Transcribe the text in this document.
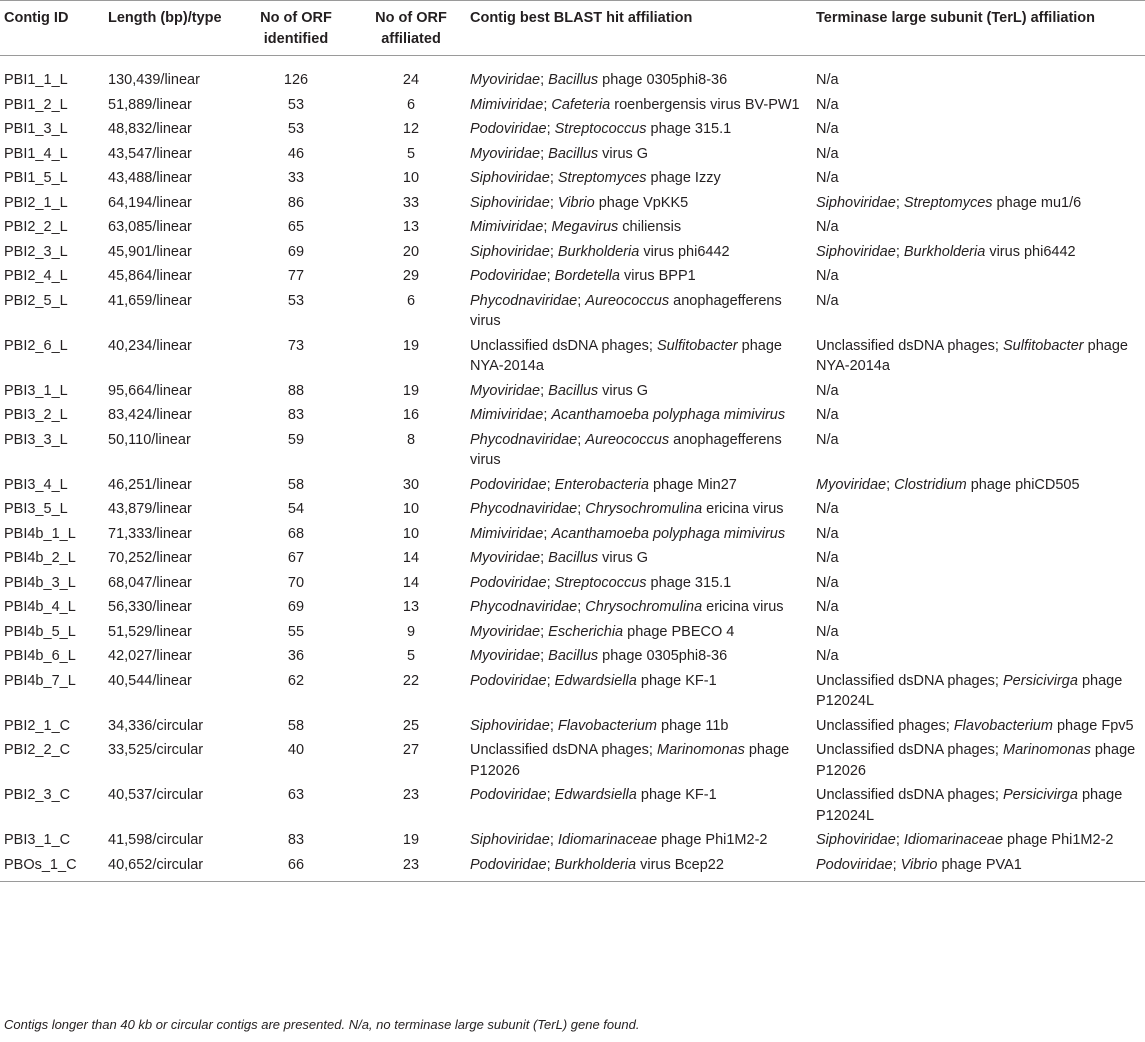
Contig ID	Length (bp)/type	No of ORF identified	No of ORF affiliated	Contig best BLAST hit affiliation	Terminase large subunit (TerL) affiliation
PBI1_1_L	130,439/linear	126	24	Myoviridae; Bacillus phage 0305phi8-36	N/a
PBI1_2_L	51,889/linear	53	6	Mimiviridae; Cafeteria roenbergensis virus BV-PW1	N/a
PBI1_3_L	48,832/linear	53	12	Podoviridae; Streptococcus phage 315.1	N/a
PBI1_4_L	43,547/linear	46	5	Myoviridae; Bacillus virus G	N/a
PBI1_5_L	43,488/linear	33	10	Siphoviridae; Streptomyces phage Izzy	N/a
PBI2_1_L	64,194/linear	86	33	Siphoviridae; Vibrio phage VpKK5	Siphoviridae; Streptomyces phage mu1/6
PBI2_2_L	63,085/linear	65	13	Mimiviridae; Megavirus chiliensis	N/a
PBI2_3_L	45,901/linear	69	20	Siphoviridae; Burkholderia virus phi6442	Siphoviridae; Burkholderia virus phi6442
PBI2_4_L	45,864/linear	77	29	Podoviridae; Bordetella virus BPP1	N/a
PBI2_5_L	41,659/linear	53	6	Phycodnaviridae; Aureococcus anophagefferens virus	N/a
PBI2_6_L	40,234/linear	73	19	Unclassified dsDNA phages; Sulfitobacter phage NYA-2014a	Unclassified dsDNA phages; Sulfitobacter phage NYA-2014a
PBI3_1_L	95,664/linear	88	19	Myoviridae; Bacillus virus G	N/a
PBI3_2_L	83,424/linear	83	16	Mimiviridae; Acanthamoeba polyphaga mimivirus	N/a
PBI3_3_L	50,110/linear	59	8	Phycodnaviridae; Aureococcus anophagefferens virus	N/a
PBI3_4_L	46,251/linear	58	30	Podoviridae; Enterobacteria phage Min27	Myoviridae; Clostridium phage phiCD505
PBI3_5_L	43,879/linear	54	10	Phycodnaviridae; Chrysochromulina ericina virus	N/a
PBI4b_1_L	71,333/linear	68	10	Mimiviridae; Acanthamoeba polyphaga mimivirus	N/a
PBI4b_2_L	70,252/linear	67	14	Myoviridae; Bacillus virus G	N/a
PBI4b_3_L	68,047/linear	70	14	Podoviridae; Streptococcus phage 315.1	N/a
PBI4b_4_L	56,330/linear	69	13	Phycodnaviridae; Chrysochromulina ericina virus	N/a
PBI4b_5_L	51,529/linear	55	9	Myoviridae; Escherichia phage PBECO 4	N/a
PBI4b_6_L	42,027/linear	36	5	Myoviridae; Bacillus phage 0305phi8-36	N/a
PBI4b_7_L	40,544/linear	62	22	Podoviridae; Edwardsiella phage KF-1	Unclassified dsDNA phages; Persicivirga phage P12024L
PBI2_1_C	34,336/circular	58	25	Siphoviridae; Flavobacterium phage 11b	Unclassified phages; Flavobacterium phage Fpv5
PBI2_2_C	33,525/circular	40	27	Unclassified dsDNA phages; Marinomonas phage P12026	Unclassified dsDNA phages; Marinomonas phage P12026
PBI2_3_C	40,537/circular	63	23	Podoviridae; Edwardsiella phage KF-1	Unclassified dsDNA phages; Persicivirga phage P12024L
PBI3_1_C	41,598/circular	83	19	Siphoviridae; Idiomarinaceae phage Phi1M2-2	Siphoviridae; Idiomarinaceae phage Phi1M2-2
PBOs_1_C	40,652/circular	66	23	Podoviridae; Burkholderia virus Bcep22	Podoviridae; Vibrio phage PVA1
Contigs longer than 40 kb or circular contigs are presented. N/a, no terminase large subunit (TerL) gene found.
